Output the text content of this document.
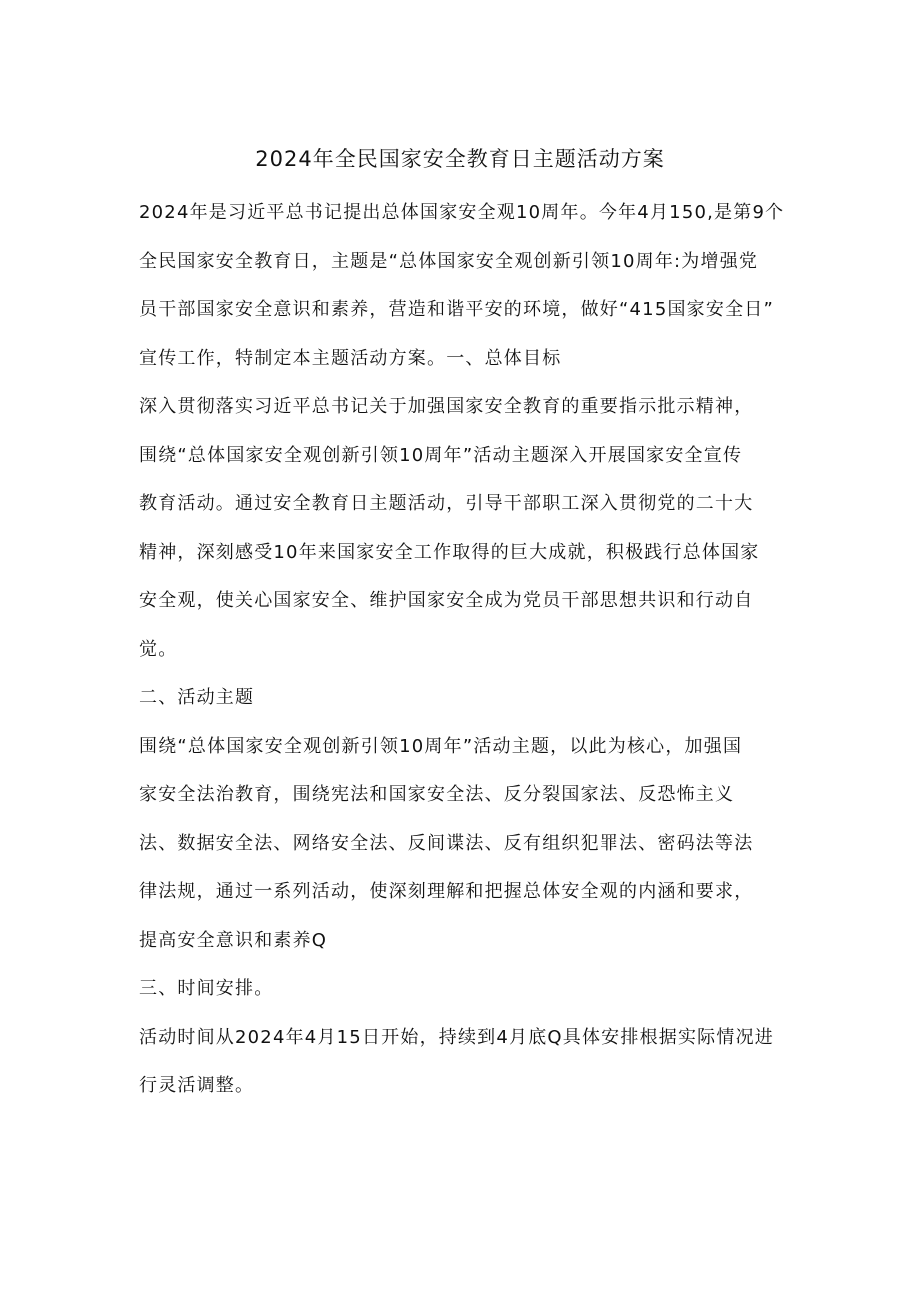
2024年全民国家安全教育日主题活动方案
2024年是习近平总书记提出总体国家安全观10周年。今年4月150,是第9个
全民国家安全教育日，主题是“总体国家安全观创新引领10周年:为增强党
员干部国家安全意识和素养，营造和谐平安的环境，做好“415国家安全日”
宣传工作，特制定本主题活动方案。一、总体目标
深入贯彻落实习近平总书记关于加强国家安全教育的重要指示批示精神，
围绕“总体国家安全观创新引领10周年”活动主题深入开展国家安全宣传
教育活动。通过安全教育日主题活动，引导干部职工深入贯彻党的二十大
精神，深刻感受10年来国家安全工作取得的巨大成就，积极践行总体国家
安全观，使关心国家安全、维护国家安全成为党员干部思想共识和行动自
觉。
二、活动主题
围绕“总体国家安全观创新引领10周年”活动主题，以此为核心，加强国
家安全法治教育，围绕宪法和国家安全法、反分裂国家法、反恐怖主义
法、数据安全法、网络安全法、反间谍法、反有组织犯罪法、密码法等法
律法规，通过一系列活动，使深刻理解和把握总体安全观的内涵和要求，
提高安全意识和素养Q
三、时间安排。
活动时间从2024年4月15日开始，持续到4月底Q具体安排根据实际情况进
行灵活调整。
